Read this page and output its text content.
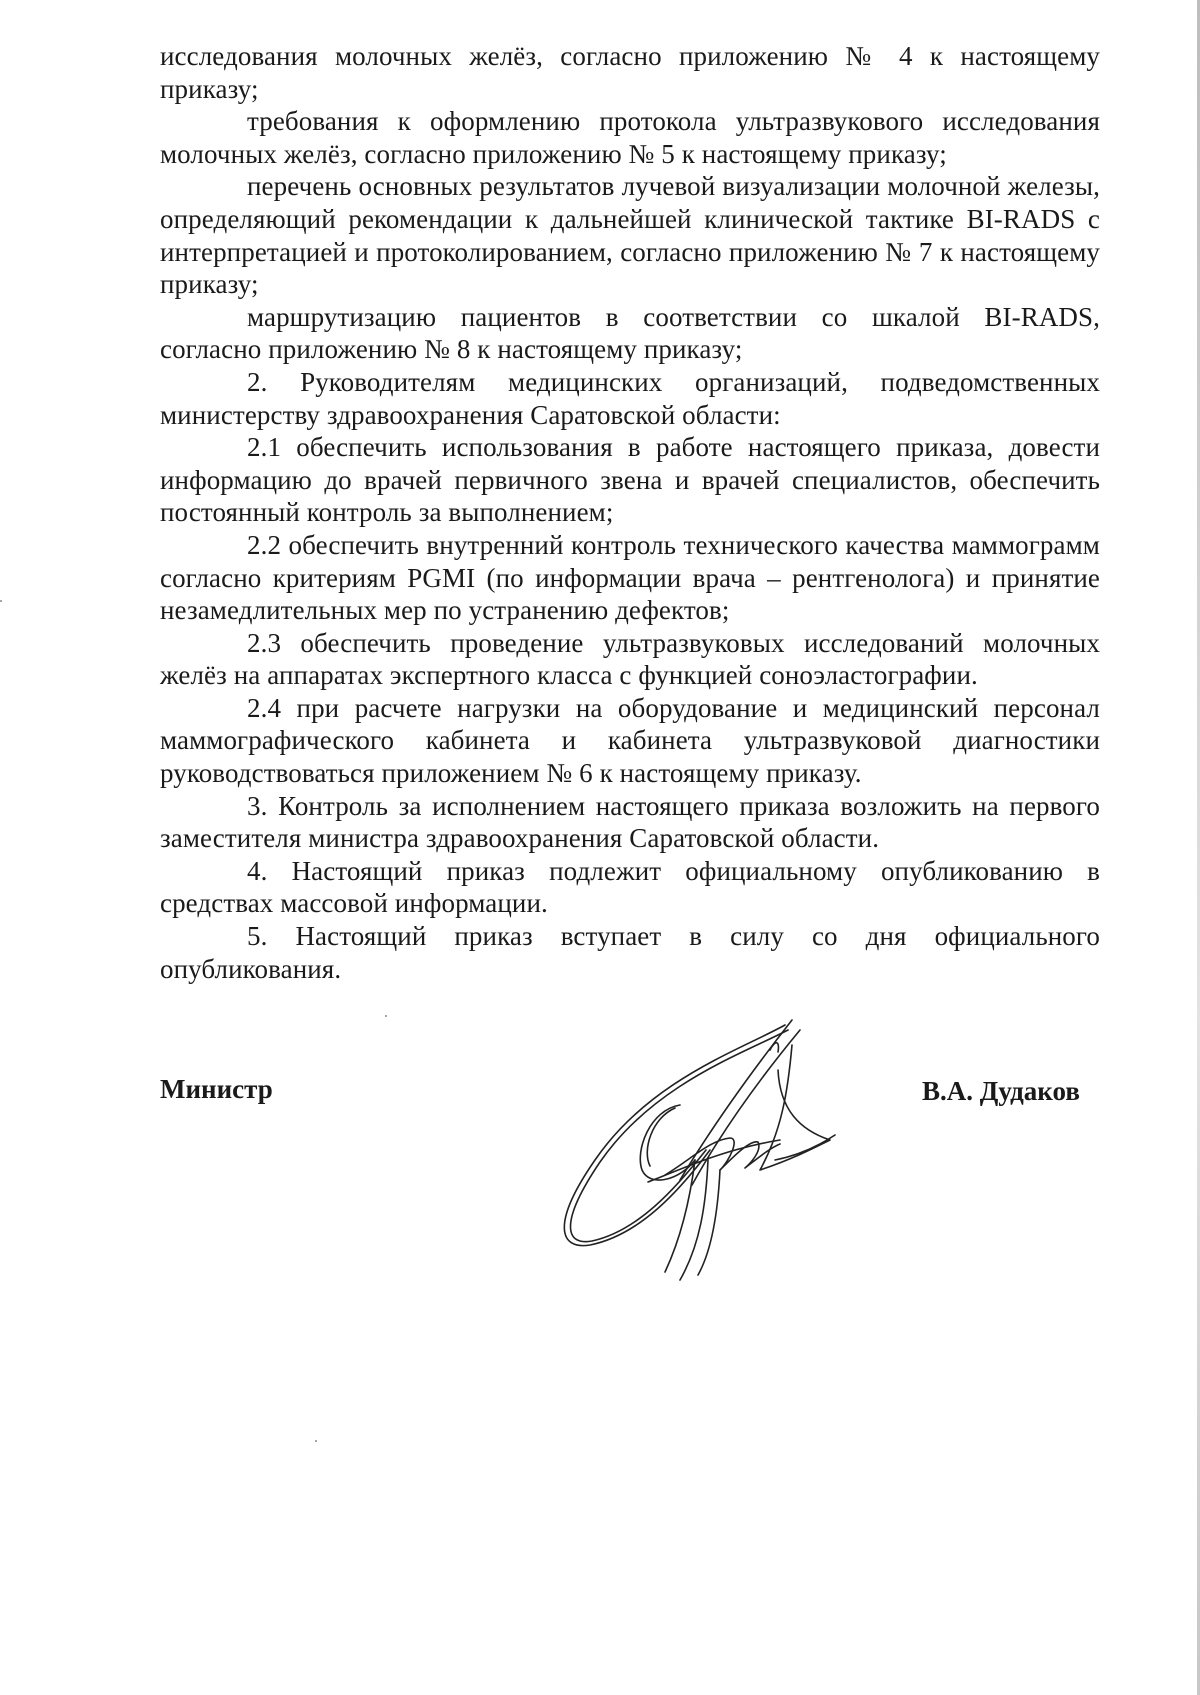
исследования молочных желёз, согласно приложению № 4 к настоящему приказу;

требования к оформлению протокола ультразвукового исследования молочных желёз, согласно приложению № 5 к настоящему приказу;

перечень основных результатов лучевой визуализации молочной железы, определяющий рекомендации к дальнейшей клинической тактике BI-RADS с интерпретацией и протоколированием, согласно приложению № 7 к настоящему приказу;

маршрутизацию пациентов в соответствии со шкалой BI-RADS, согласно приложению № 8 к настоящему приказу;

2. Руководителям медицинских организаций, подведомственных министерству здравоохранения Саратовской области:

2.1 обеспечить использования в работе настоящего приказа, довести информацию до врачей первичного звена и врачей специалистов, обеспечить постоянный контроль за выполнением;

2.2 обеспечить внутренний контроль технического качества маммограмм согласно критериям PGMI (по информации врача – рентгенолога) и принятие незамедлительных мер по устранению дефектов;

2.3 обеспечить проведение ультразвуковых исследований молочных желёз на аппаратах экспертного класса с функцией соноэластографии.

2.4 при расчете нагрузки на оборудование и медицинский персонал маммографического кабинета и кабинета ультразвуковой диагностики руководствоваться приложением № 6 к настоящему приказу.

3. Контроль за исполнением настоящего приказа возложить на первого заместителя министра здравоохранения Саратовской области.

4. Настоящий приказ подлежит официальному опубликованию в средствах массовой информации.

5. Настоящий приказ вступает в силу со дня официального опубликования.

Министр	В.А. Дудаков
